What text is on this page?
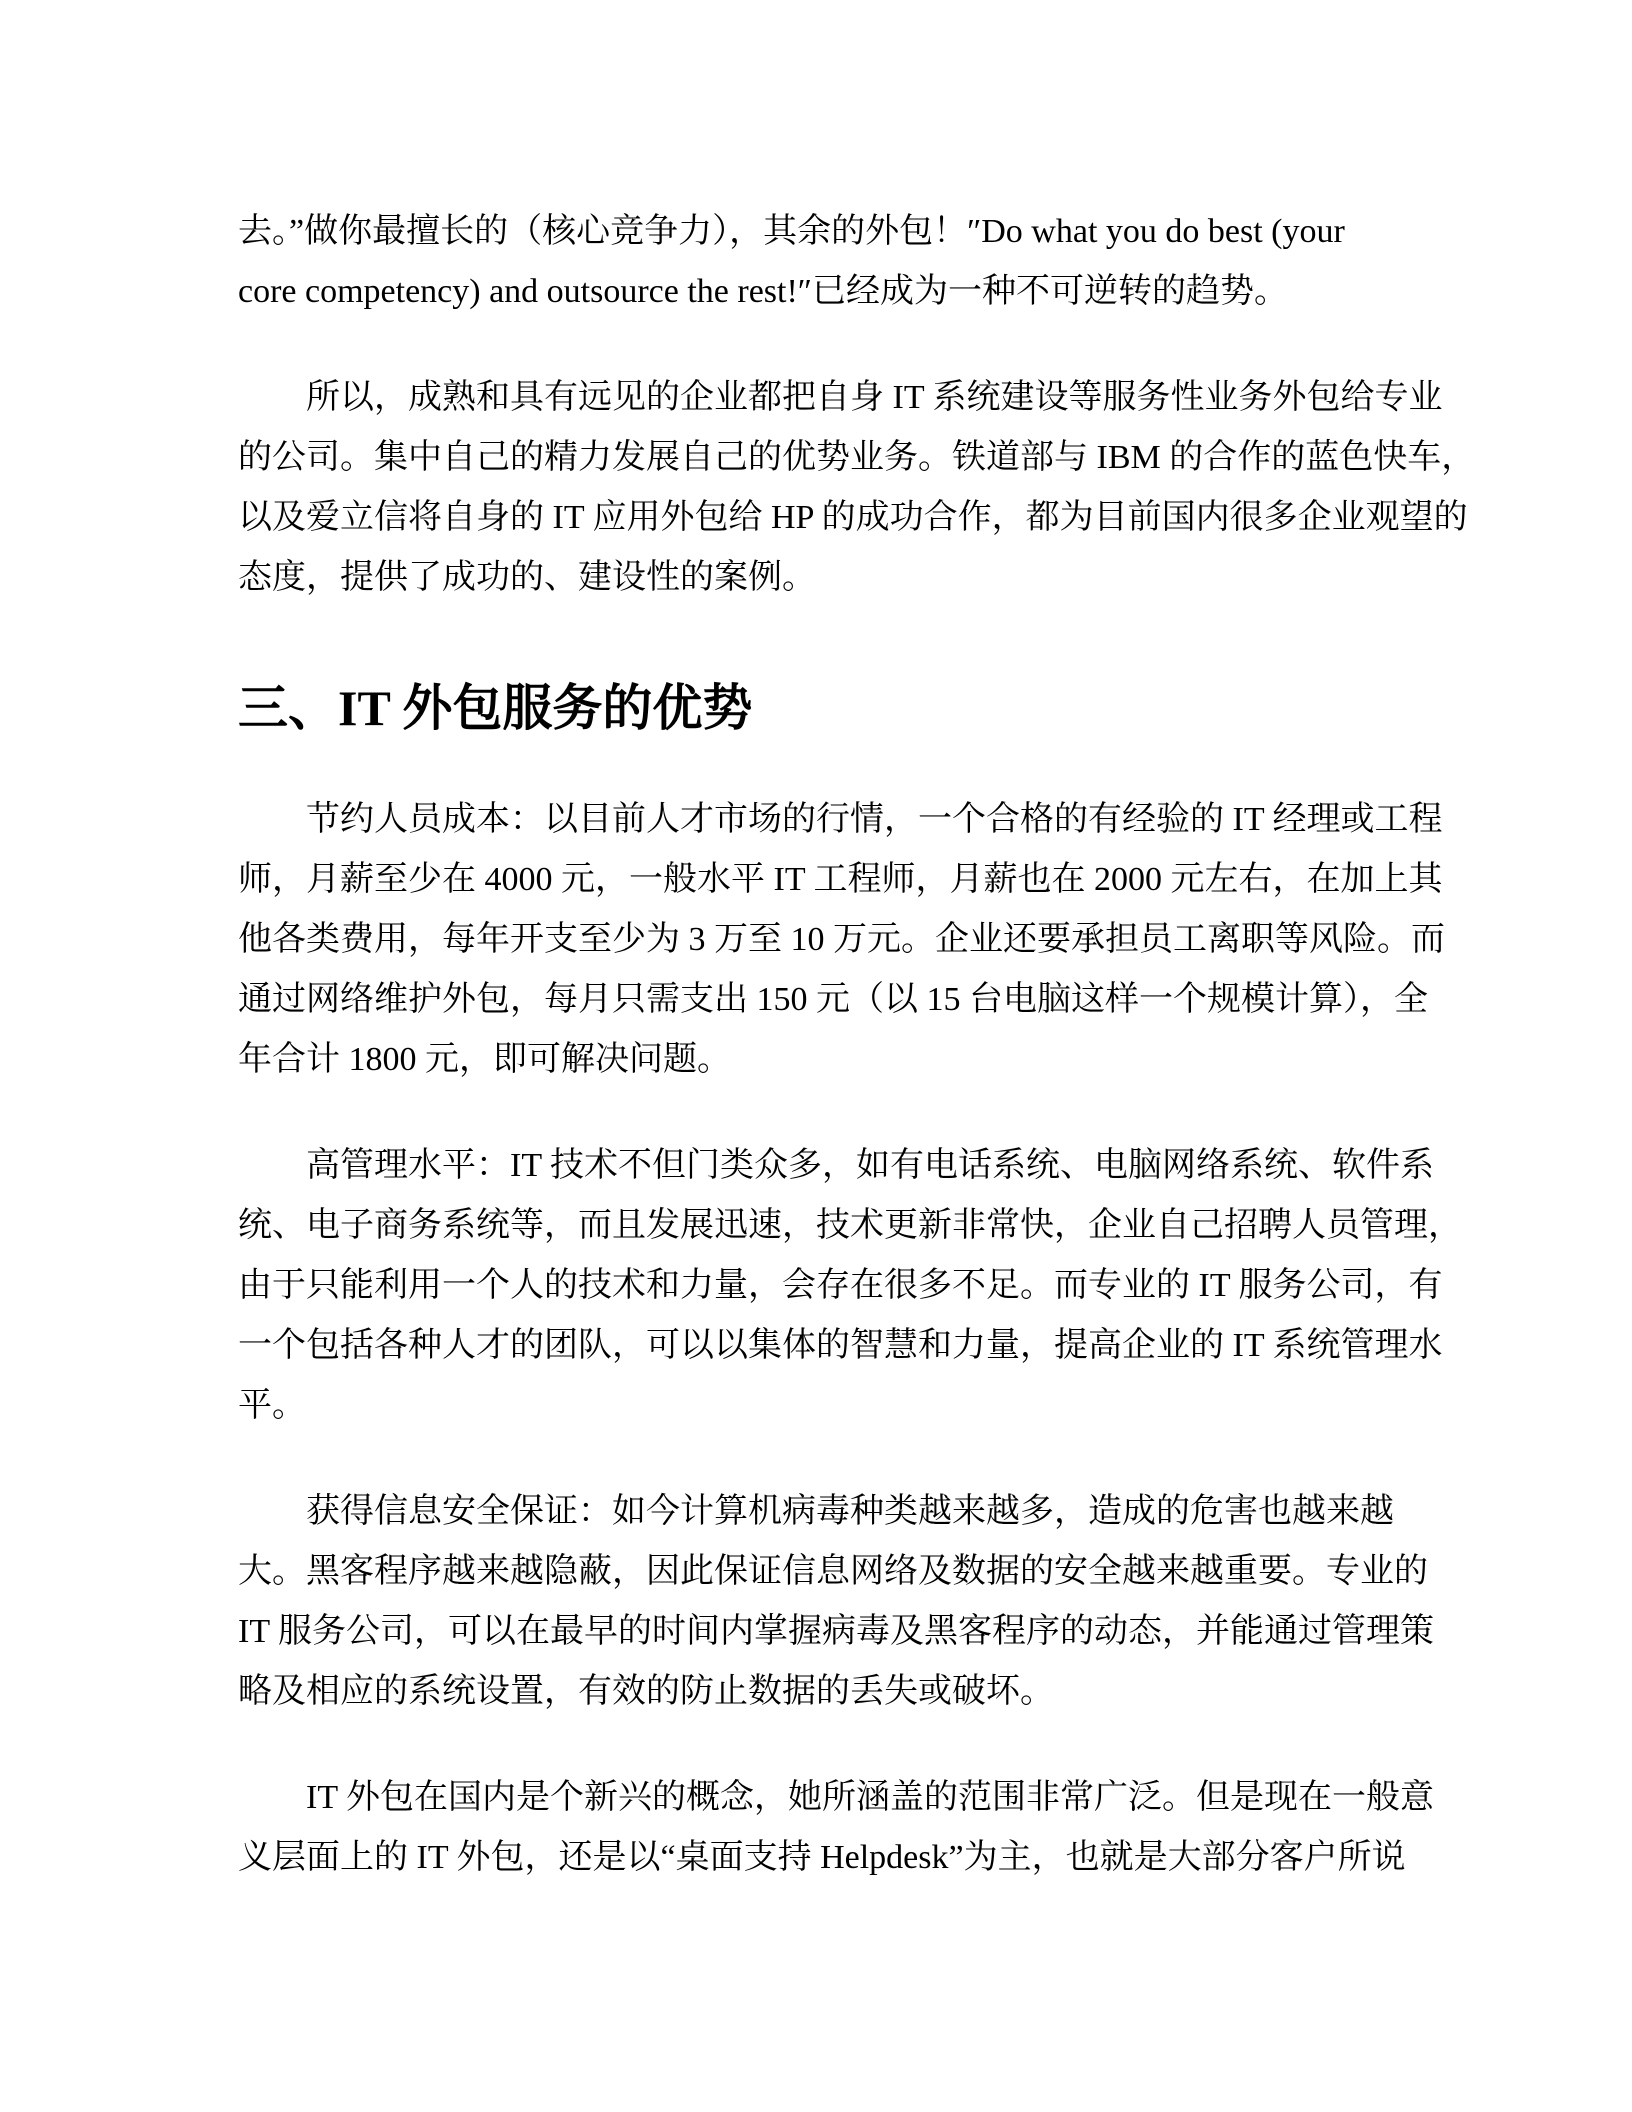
去。”做你最擅长的（核心竞争力），其余的外包！″Do what you do best (your
core competency) and outsource the rest!″已经成为一种不可逆转的趋势。

所以，成熟和具有远见的企业都把自身 IT 系统建设等服务性业务外包给专业
的公司。集中自己的精力发展自己的优势业务。铁道部与 IBM 的合作的蓝色快车，
以及爱立信将自身的 IT 应用外包给 HP 的成功合作，都为目前国内很多企业观望的
态度，提供了成功的、建设性的案例。

三、IT 外包服务的优势

节约人员成本：以目前人才市场的行情，一个合格的有经验的 IT 经理或工程
师，月薪至少在 4000 元，一般水平 IT 工程师，月薪也在 2000 元左右，在加上其
他各类费用，每年开支至少为 3 万至 10 万元。企业还要承担员工离职等风险。而
通过网络维护外包，每月只需支出 150 元（以 15 台电脑这样一个规模计算），全
年合计 1800 元，即可解决问题。

高管理水平：IT 技术不但门类众多，如有电话系统、电脑网络系统、软件系
统、电子商务系统等，而且发展迅速，技术更新非常快，企业自己招聘人员管理，
由于只能利用一个人的技术和力量，会存在很多不足。而专业的 IT 服务公司，有
一个包括各种人才的团队，可以以集体的智慧和力量，提高企业的 IT 系统管理水
平。

获得信息安全保证：如今计算机病毒种类越来越多，造成的危害也越来越
大。黑客程序越来越隐蔽，因此保证信息网络及数据的安全越来越重要。专业的
IT 服务公司，可以在最早的时间内掌握病毒及黑客程序的动态，并能通过管理策
略及相应的系统设置，有效的防止数据的丢失或破坏。

IT 外包在国内是个新兴的概念，她所涵盖的范围非常广泛。但是现在一般意
义层面上的 IT 外包，还是以“桌面支持 Helpdesk”为主，也就是大部分客户所说
